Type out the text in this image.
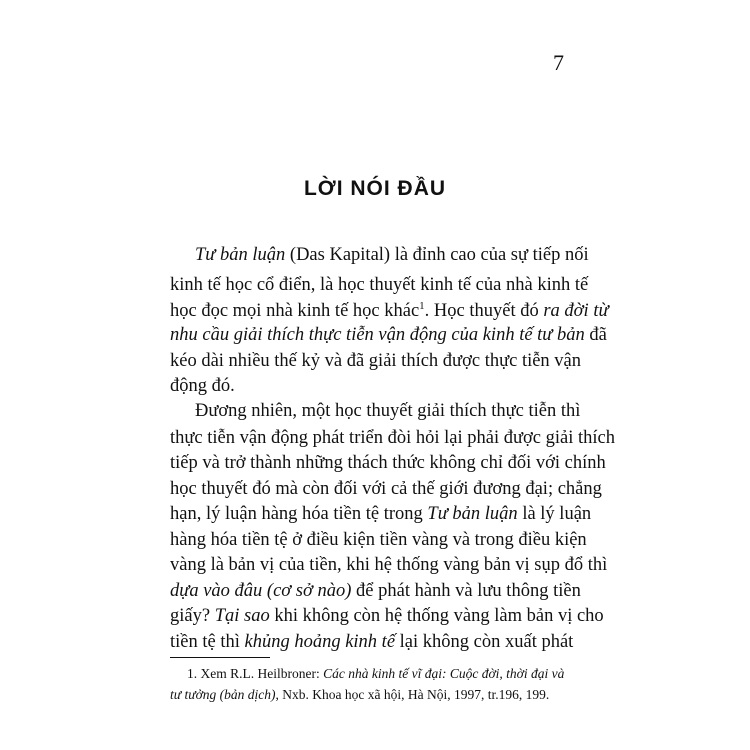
7
LỜI NÓI ĐẦU
Tư bản luận (Das Kapital) là đỉnh cao của sự tiếp nối
kinh tế học cổ điển, là học thuyết kinh tế của nhà kinh tế
học đọc mọi nhà kinh tế học khác$^1$. Học thuyết đó ra đời từ
nhu cầu giải thích thực tiễn vận động của kinh tế tư bản đã
kéo dài nhiều thế kỷ và đã giải thích được thực tiễn vận
động đó.
Đương nhiên, một học thuyết giải thích thực tiễn thì
thực tiễn vận động phát triển đòi hỏi lại phải được giải thích
tiếp và trở thành những thách thức không chỉ đối với chính
học thuyết đó mà còn đối với cả thế giới đương đại; chẳng
hạn, lý luận hàng hóa tiền tệ trong Tư bản luận là lý luận
hàng hóa tiền tệ ở điều kiện tiền vàng và trong điều kiện
vàng là bản vị của tiền, khi hệ thống vàng bản vị sụp đổ thì
dựa vào đâu (cơ sở nào) để phát hành và lưu thông tiền
giấy? Tại sao khi không còn hệ thống vàng làm bản vị cho
tiền tệ thì khủng hoảng kinh tế lại không còn xuất phát
1. Xem R.L. Heilbroner: Các nhà kinh tế vĩ đại: Cuộc đời, thời đại và
tư tưởng (bản dịch), Nxb. Khoa học xã hội, Hà Nội, 1997, tr.196, 199.
